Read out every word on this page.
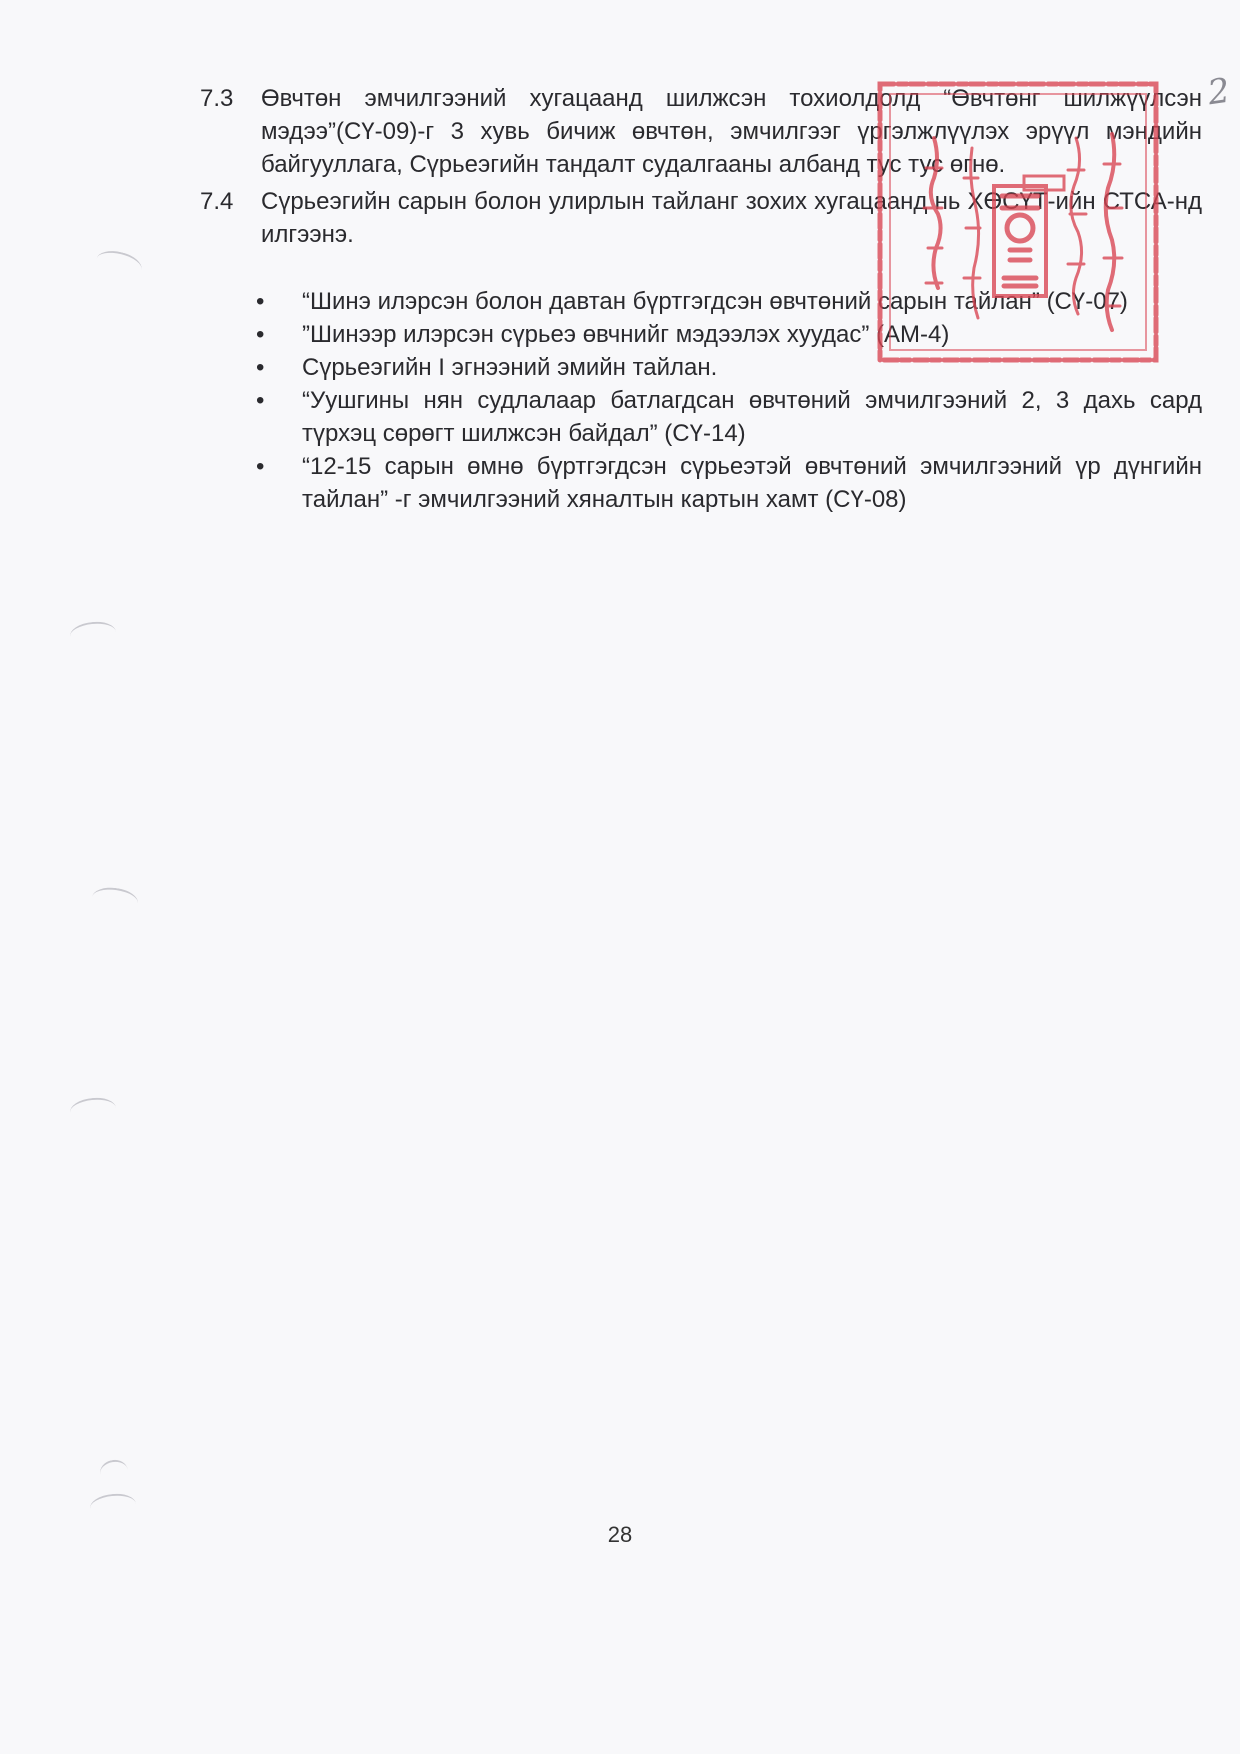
7.3	Өвчтөн эмчилгээний хугацаанд шилжсэн тохиолдолд “Өвчтөнг шилжүүлсэн мэдээ”(СҮ-09)-г 3 хувь бичиж өвчтөн, эмчилгээг үргэлжлүүлэх эрүүл мэндийн байгууллага, Сүрьеэгийн тандалт судалгааны албанд тус тус өгнө.
7.4	Сүрьеэгийн сарын болон улирлын тайланг зохих хугацаанд нь ХӨСҮТ-ийн СТСА-нд илгээнэ.
• “Шинэ илэрсэн болон давтан бүртгэгдсэн өвчтөний сарын тайлан” (СҮ-07)
• ”Шинээр илэрсэн сүрьеэ өвчнийг мэдээлэх хуудас” (АМ-4)
• Сүрьеэгийн I эгнээний эмийн тайлан.
• “Уушгины нян судлалаар батлагдсан өвчтөний эмчилгээний 2, 3 дахь сард түрхэц сөрөгт шилжсэн байдал” (СҮ-14)
• “12-15 сарын өмнө бүртгэгдсэн сүрьеэтэй өвчтөний эмчилгээний үр дүнгийн тайлан” -г эмчилгээний хяналтын картын хамт (СҮ-08)
2
28
